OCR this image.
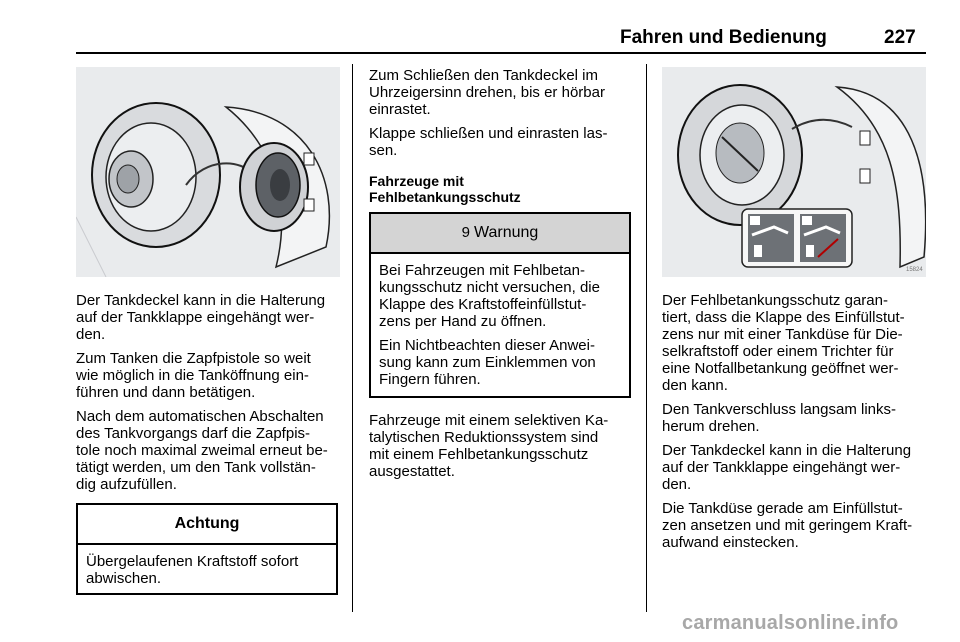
Fahren und Bedienung	227

Der Tankdeckel kann in die Halterung
auf der Tankklappe eingehängt wer-
den.

Zum Tanken die Zapfpistole so weit
wie möglich in die Tanköffnung ein-
führen und dann betätigen.

Nach dem automatischen Abschalten
des Tankvorgangs darf die Zapfpis-
tole noch maximal zweimal erneut be-
tätigt werden, um den Tank vollstän-
dig aufzufüllen.

Achtung

Übergelaufenen Kraftstoff sofort
abwischen.

Zum Schließen den Tankdeckel im
Uhrzeigersinn drehen, bis er hörbar
einrastet.

Klappe schließen und einrasten las-
sen.

Fahrzeuge mit
Fehlbetankungsschutz

9 Warnung

Bei Fahrzeugen mit Fehlbetan-
kungsschutz nicht versuchen, die
Klappe des Kraftstoffeinfüllstut-
zens per Hand zu öffnen.

Ein Nichtbeachten dieser Anwei-
sung kann zum Einklemmen von
Fingern führen.

Fahrzeuge mit einem selektiven Ka-
talytischen Reduktionssystem sind
mit einem Fehlbetankungsschutz
ausgestattet.

15824

Der Fehlbetankungsschutz garan-
tiert, dass die Klappe des Einfüllstut-
zens nur mit einer Tankdüse für Die-
selkraftstoff oder einem Trichter für
eine Notfallbetankung geöffnet wer-
den kann.

Den Tankverschluss langsam links-
herum drehen.

Der Tankdeckel kann in die Halterung
auf der Tankklappe eingehängt wer-
den.

Die Tankdüse gerade am Einfüllstut-
zen ansetzen und mit geringem Kraft-
aufwand einstecken.

carmanualsonline.info
